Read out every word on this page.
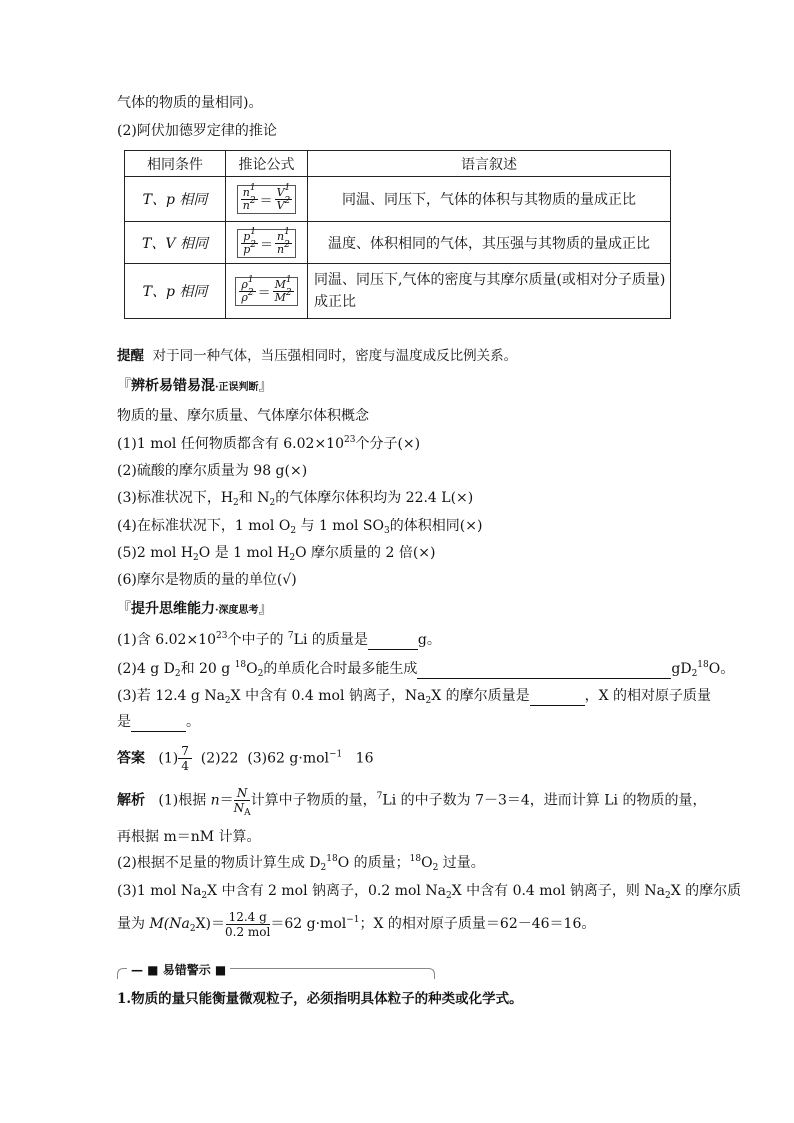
气体的物质的量相同)。
(2)阿伏加德罗定律的推论
相同条件	推论公式	语言叙述
T、p 相同	$\frac{n^1}{n^2} = \frac{V^1}{V^2}$	同温、同压下，气体的体积与其物质的量成正比
T、V 相同	$\frac{p^1}{p^2} = \frac{n^1}{n^2}$	温度、体积相同的气体，其压强与其物质的量成正比
T、p 相同	$\frac{\rho^1}{\rho^2} = \frac{M^1}{M^2}$	同温、同压下,气体的密度与其摩尔质量(或相对分子质量)
成正比
提醒 对于同一种气体，当压强相同时，密度与温度成反比例关系。
『辨析易错易混·正误判断』
物质的量、摩尔质量、气体摩尔体积概念
(1)1 mol 任何物质都含有 $6.02\times 10^{23}$个分子(×)
(2)硫酸的摩尔质量为 98 g(×)
(3)标准状况下，$H_2$和 $N_2$的气体摩尔体积均为 22.4 L(×)
(4)在标准状况下，1 mol $O_2$ 与 1 mol $SO_3$的体积相同(×)
(5)2 mol $H_2O$ 是 1 mol $H_2O$ 摩尔质量的 2 倍(×)
(6)摩尔是物质的量的单位(√)
『提升思维能力·深度思考』
(1)含 $6.02\times 10^{23}$个中子的 $^7$Li 的质量是	g。
(2)4 g $D_2$和 20 g $^{18}O_2$的单质化合时最多能生成	$gD_2^{18}O$。
(3)若 12.4 g $Na_2X$ 中含有 0.4 mol 钠离子，$Na_2X$ 的摩尔质量是	，X 的相对原子质量
是	。
答案 $(1) \frac{7}{4} (2)22$ (3)62 g·mol$^{-1}$ 16
解析 (1)根据 $n= \frac{N}{N_A}$ 计算中子物质的量，$^7$Li 的中子数为 7－3＝4，进而计算 Li 的物质的量，
再根据 m＝nM 计算。
(2)根据不足量的物质计算生成 $D_2^{18}O$ 的质量；$^{18}O_2$ 过量。
(3)1 mol $Na_2X$ 中含有 2 mol 钠离子，0.2 mol $Na_2X$ 中含有 0.4 mol 钠离子，则 $Na_2X$ 的摩尔质
量为 $M(Na_2X)= 12.4$ g
0.2 mol ＝62 g·mol$^{-1}$；X 的相对原子质量＝62－46＝16。
— ■ 易错警示 ■
1.物质的量只能衡量微观粒子，必须指明具体粒子的种类或化学式。
